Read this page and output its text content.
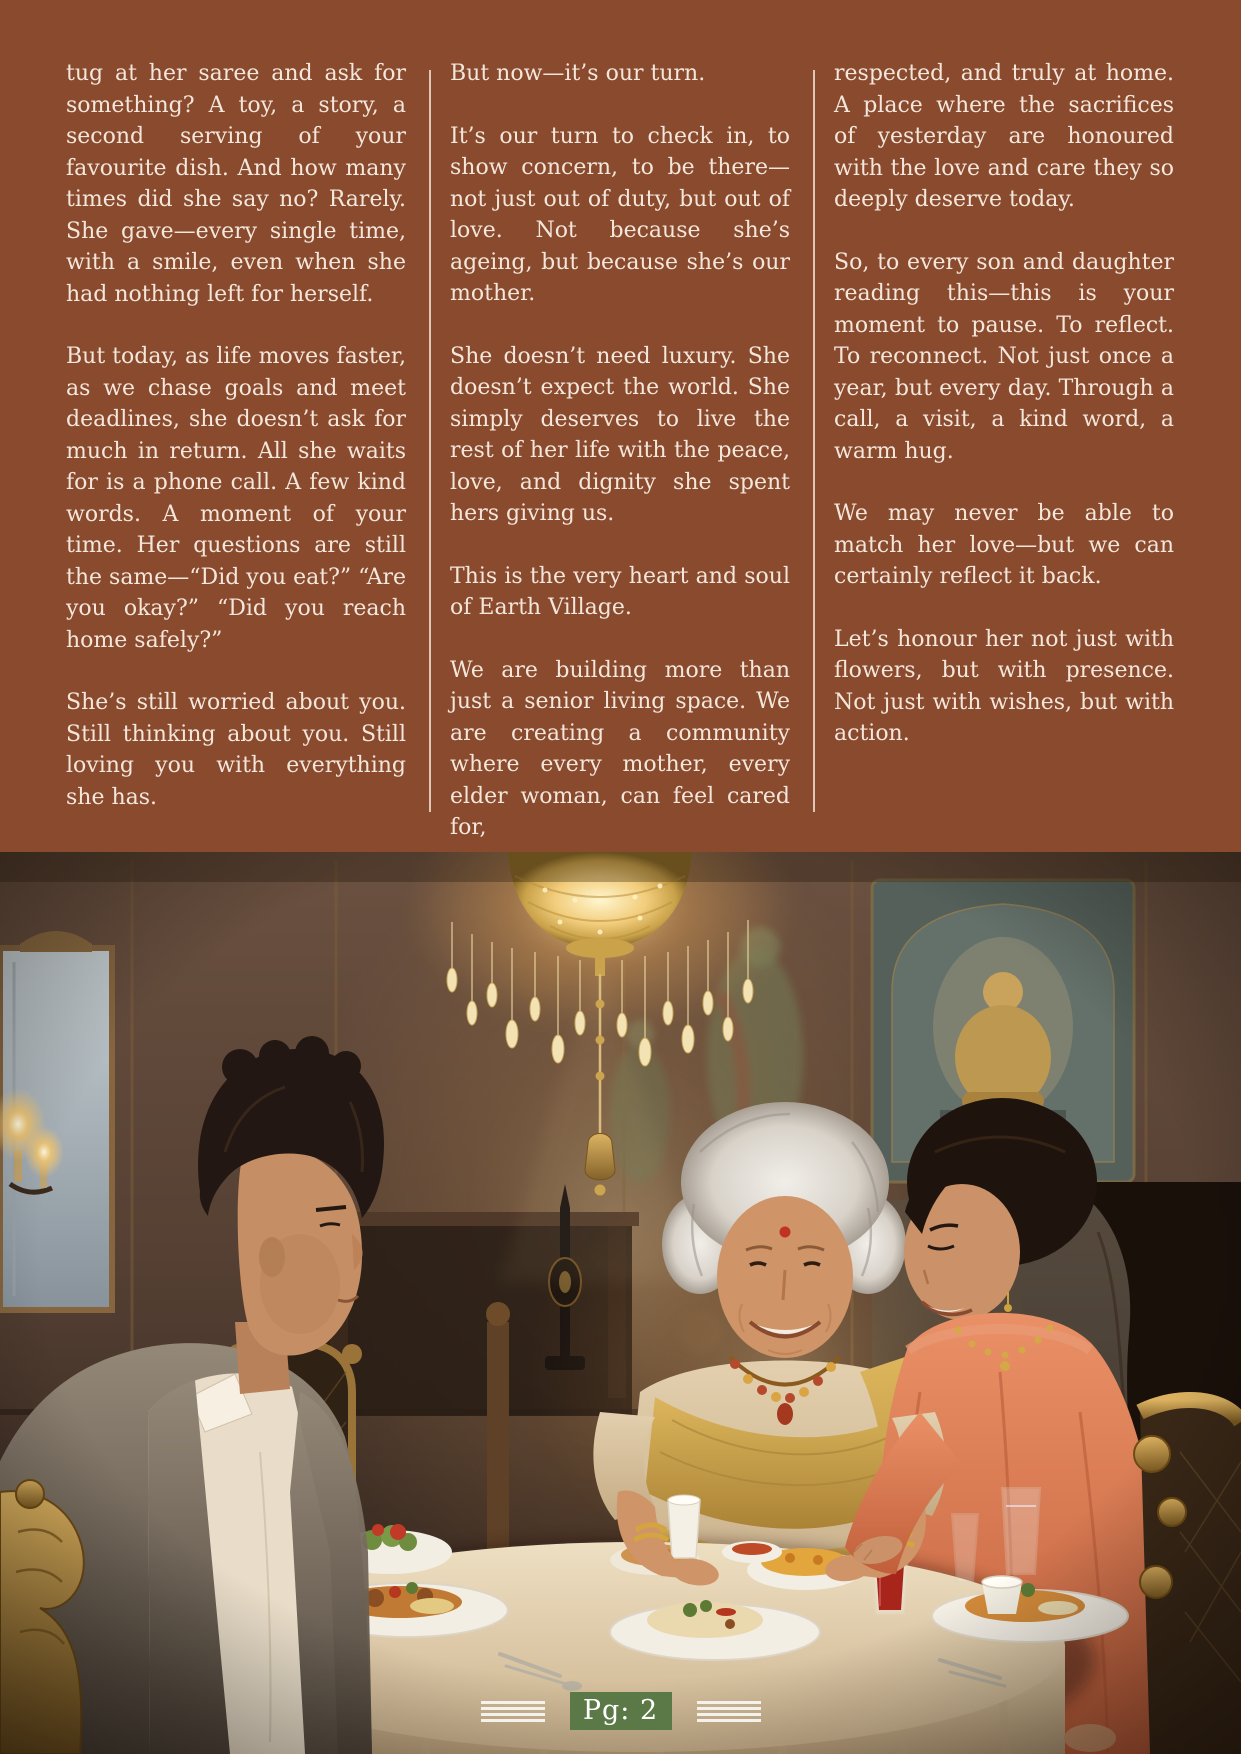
tug at her saree and ask for something? A toy, a story, a second serving of your favourite dish. And how many times did she say no? Rarely. She gave—every single time, with a smile, even when she had nothing left for herself.

But today, as life moves faster, as we chase goals and meet deadlines, she doesn’t ask for much in return. All she waits for is a phone call. A few kind words. A moment of your time. Her questions are still the same—“Did you eat?” “Are you okay?” “Did you reach home safely?”

She’s still worried about you. Still thinking about you. Still loving you with everything she has.

But now—it’s our turn.

It’s our turn to check in, to show concern, to be there—not just out of duty, but out of love. Not because she’s ageing, but because she’s our mother.

She doesn’t need luxury. She doesn’t expect the world. She simply deserves to live the rest of her life with the peace, love, and dignity she spent hers giving us.

This is the very heart and soul of Earth Village.

We are building more than just a senior living space. We are creating a community where every mother, every elder woman, can feel cared for,

respected, and truly at home. A place where the sacrifices of yesterday are honoured with the love and care they so deeply deserve today.

So, to every son and daughter reading this—this is your moment to pause. To reflect. To reconnect. Not just once a year, but every day. Through a call, a visit, a kind word, a warm hug.

We may never be able to match her love—but we can certainly reflect it back.

Let’s honour her not just with flowers, but with presence. Not just with wishes, but with action.

Pg: 2
